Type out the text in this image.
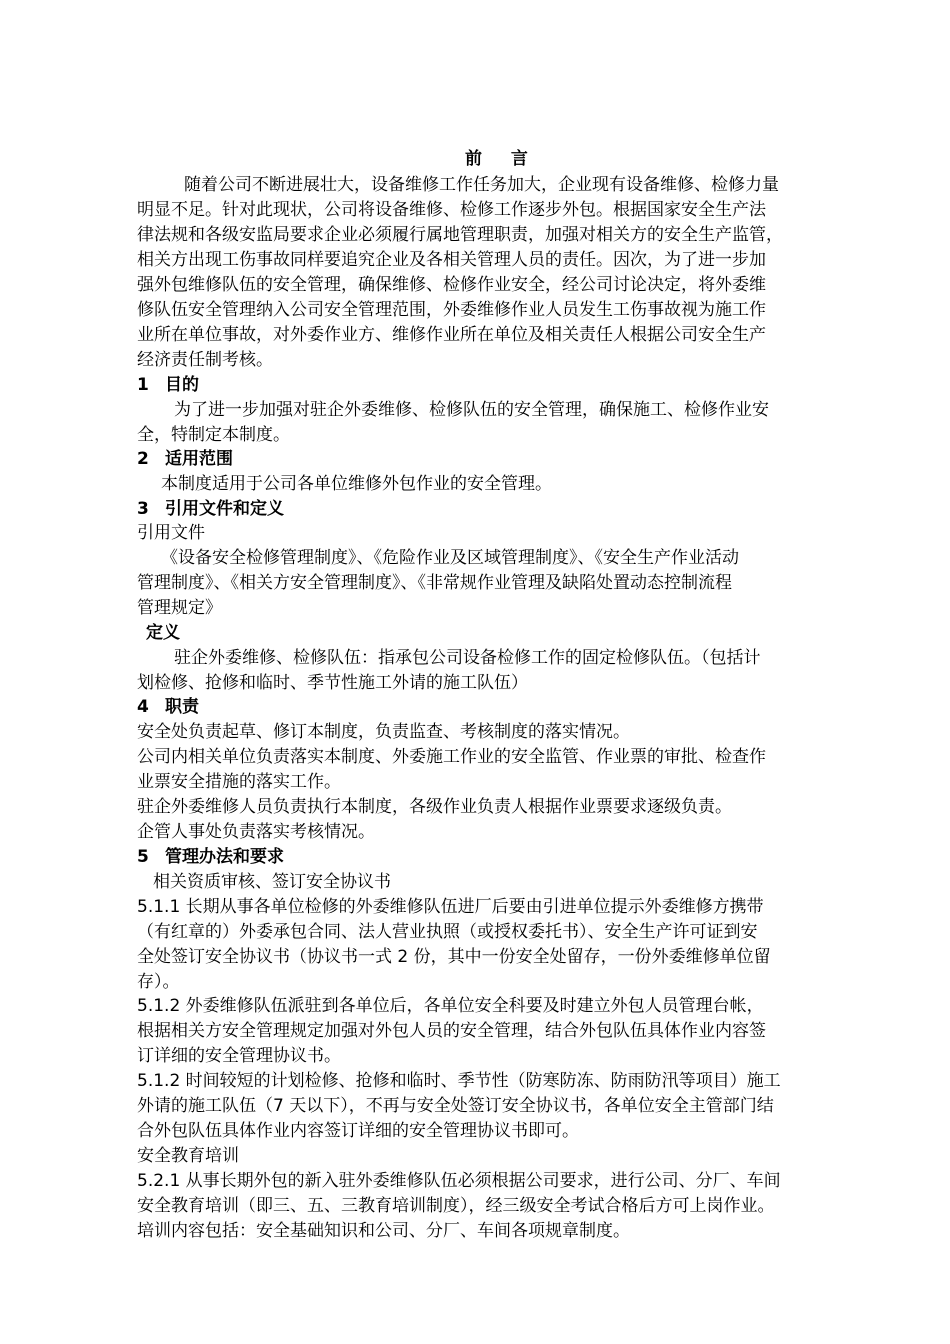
前　 言
随着公司不断进展壮大，设备维修工作任务加大，企业现有设备维修、检修力量
明显不足。针对此现状，公司将设备维修、检修工作逐步外包。根据国家安全生产法
律法规和各级安监局要求企业必须履行属地管理职责，加强对相关方的安全生产监管，
相关方出现工伤事故同样要追究企业及各相关管理人员的责任。因次，为了进一步加
强外包维修队伍的安全管理，确保维修、检修作业安全，经公司讨论决定，将外委维
修队伍安全管理纳入公司安全管理范围，外委维修作业人员发生工伤事故视为施工作
业所在单位事故，对外委作业方、维修作业所在单位及相关责任人根据公司安全生产
经济责任制考核。
1 目的
为了进一步加强对驻企外委维修、检修队伍的安全管理，确保施工、检修作业安
全，特制定本制度。
2 适用范围
本制度适用于公司各单位维修外包作业的安全管理。
3 引用文件和定义
引用文件
《设备安全检修管理制度》、《危险作业及区域管理制度》、《安全生产作业活动
管理制度》、《相关方安全管理制度》、《非常规作业管理及缺陷处置动态控制流程
管理规定》
定义
驻企外委维修、检修队伍：指承包公司设备检修工作的固定检修队伍。（包括计
划检修、抢修和临时、季节性施工外请的施工队伍）
4 职责
安全处负责起草、修订本制度，负责监查、考核制度的落实情况。
公司内相关单位负责落实本制度、外委施工作业的安全监管、作业票的审批、检查作
业票安全措施的落实工作。
驻企外委维修人员负责执行本制度，各级作业负责人根据作业票要求逐级负责。
企管人事处负责落实考核情况。
5 管理办法和要求
相关资质审核、签订安全协议书
5.1.1 长期从事各单位检修的外委维修队伍进厂后要由引进单位提示外委维修方携带
（有红章的）外委承包合同、法人营业执照（或授权委托书）、安全生产许可证到安
全处签订安全协议书（协议书一式 2 份，其中一份安全处留存，一份外委维修单位留
存）。
5.1.2 外委维修队伍派驻到各单位后，各单位安全科要及时建立外包人员管理台帐，
根据相关方安全管理规定加强对外包人员的安全管理，结合外包队伍具体作业内容签
订详细的安全管理协议书。
5.1.2 时间较短的计划检修、抢修和临时、季节性（防寒防冻、防雨防汛等项目）施工
外请的施工队伍（7 天以下），不再与安全处签订安全协议书，各单位安全主管部门结
合外包队伍具体作业内容签订详细的安全管理协议书即可。
安全教育培训
5.2.1 从事长期外包的新入驻外委维修队伍必须根据公司要求，进行公司、分厂、车间
安全教育培训（即三、五、三教育培训制度），经三级安全考试合格后方可上岗作业。
培训内容包括：安全基础知识和公司、分厂、车间各项规章制度。
